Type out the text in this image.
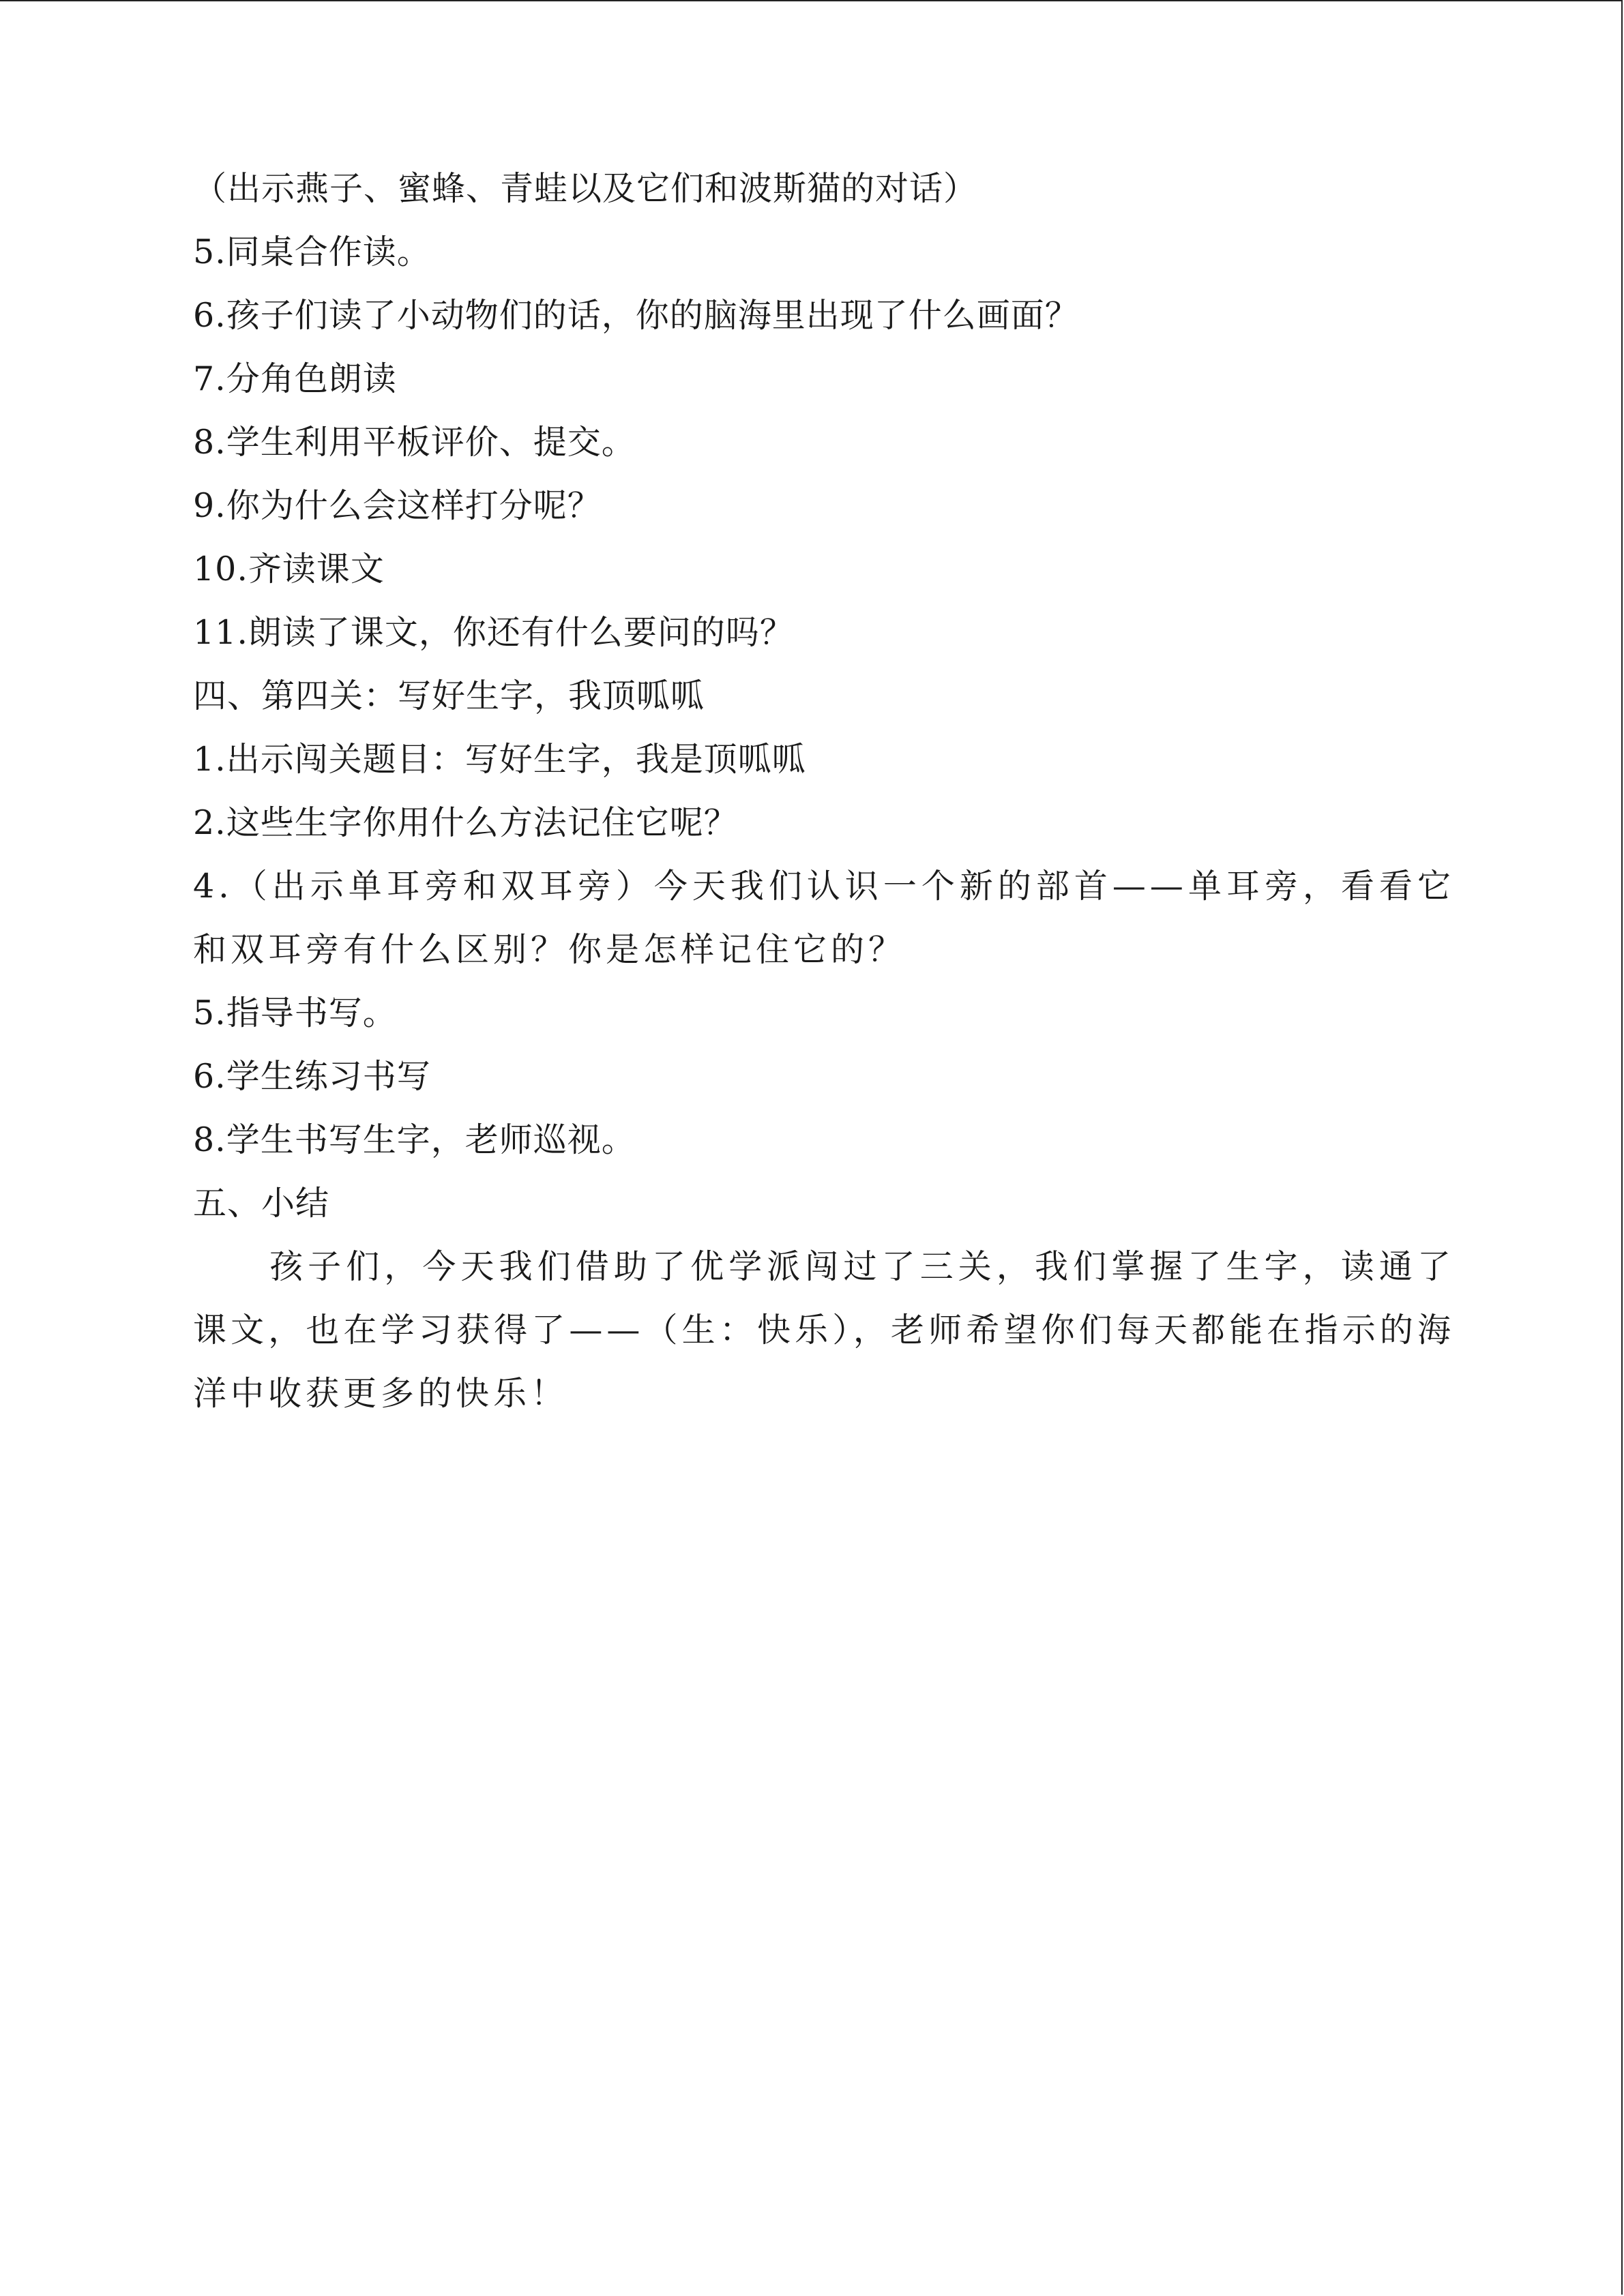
（出示燕子、蜜蜂、青蛙以及它们和波斯猫的对话）
5.同桌合作读。
6.孩子们读了小动物们的话，你的脑海里出现了什么画面？
7.分角色朗读
8.学生利用平板评价、提交。
9.你为什么会这样打分呢？
10.齐读课文
11.朗读了课文，你还有什么要问的吗？
四、第四关：写好生字，我顶呱呱
1.出示闯关题目：写好生字，我是顶呱呱
2.这些生字你用什么方法记住它呢？

4.（出示单耳旁和双耳旁）今天我们认识一个新的部首——单耳旁，看看它和双耳旁有什么区别？你是怎样记住它的？

5.指导书写。
6.学生练习书写
8.学生书写生字，老师巡视。
五、小结

孩子们，今天我们借助了优学派闯过了三关，我们掌握了生字，读通了课文，也在学习获得了——（生：快乐），老师希望你们每天都能在指示的海洋中收获更多的快乐！
